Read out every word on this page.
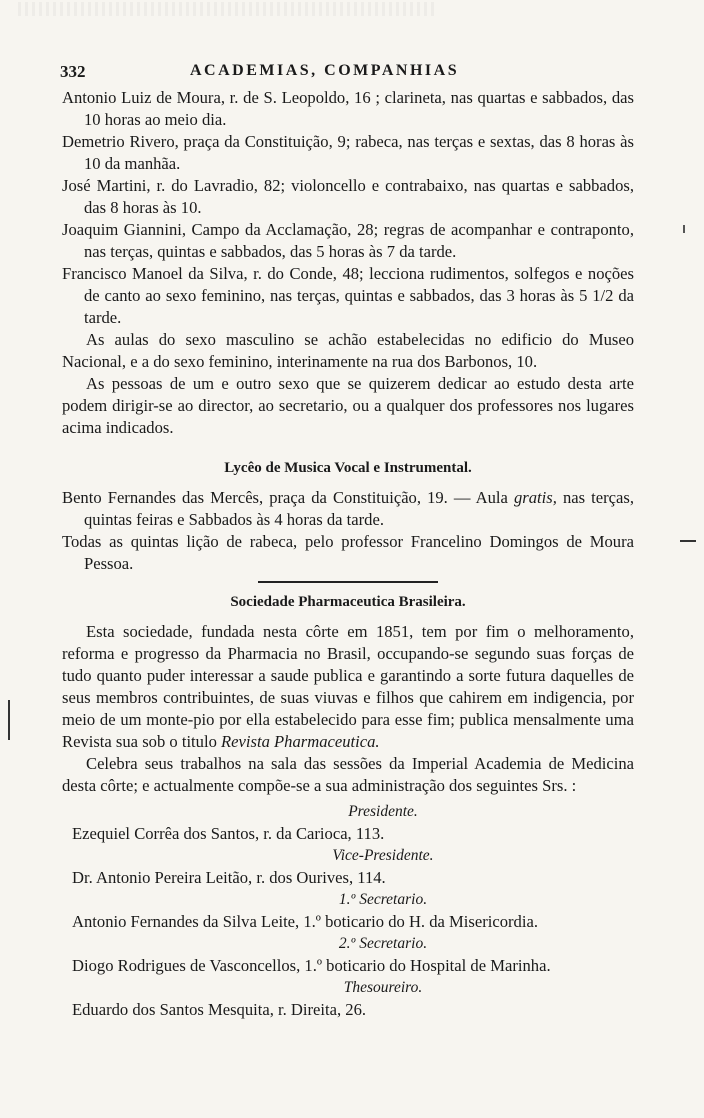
332	ACADEMIAS, COMPANHIAS
Antonio Luiz de Moura, r. de S. Leopoldo, 16 ; clarineta, nas quartas e sabbados, das 10 horas ao meio dia.
Demetrio Rivero, praça da Constituição, 9; rabeca, nas terças e sextas, das 8 horas às 10 da manhãa.
José Martini, r. do Lavradio, 82; violoncello e contrabaixo, nas quartas e sabbados, das 8 horas às 10.
Joaquim Giannini, Campo da Acclamação, 28; regras de acompanhar e contraponto, nas terças, quintas e sabbados, das 5 horas às 7 da tarde.
Francisco Manoel da Silva, r. do Conde, 48; lecciona rudimentos, solfegos e noções de canto ao sexo feminino, nas terças, quintas e sabbados, das 3 horas às 5 1/2 da tarde.
As aulas do sexo masculino se achão estabelecidas no edificio do Museo Nacional, e a do sexo feminino, interinamente na rua dos Barbonos, 10.
As pessoas de um e outro sexo que se quizerem dedicar ao estudo desta arte podem dirigir-se ao director, ao secretario, ou a qualquer dos professores nos lugares acima indicados.
Lycêo de Musica Vocal e Instrumental.
Bento Fernandes das Mercês, praça da Constituição, 19. — Aula gratis, nas terças, quintas feiras e Sabbados às 4 horas da tarde.
Todas as quintas lição de rabeca, pelo professor Francelino Domingos de Moura Pessoa.
Sociedade Pharmaceutica Brasileira.
Esta sociedade, fundada nesta côrte em 1851, tem por fim o melhoramento, reforma e progresso da Pharmacia no Brasil, occupando-se segundo suas forças de tudo quanto puder interessar a saude publica e garantindo a sorte futura daquelles de seus membros contribuintes, de suas viuvas e filhos que cahirem em indigencia, por meio de um monte-pio por ella estabelecido para esse fim; publica mensalmente uma Revista sua sob o titulo Revista Pharmaceutica.
Celebra seus trabalhos na sala das sessões da Imperial Academia de Medicina desta côrte; e actualmente compõe-se a sua administração dos seguintes Srs. :
Presidente.
Ezequiel Corrêa dos Santos, r. da Carioca, 113.
Vice-Presidente.
Dr. Antonio Pereira Leitão, r. dos Ourives, 114.
1.º Secretario.
Antonio Fernandes da Silva Leite, 1.º boticario do H. da Misericordia.
2.º Secretario.
Diogo Rodrigues de Vasconcellos, 1.º boticario do Hospital de Marinha.
Thesoureiro.
Eduardo dos Santos Mesquita, r. Direita, 26.
